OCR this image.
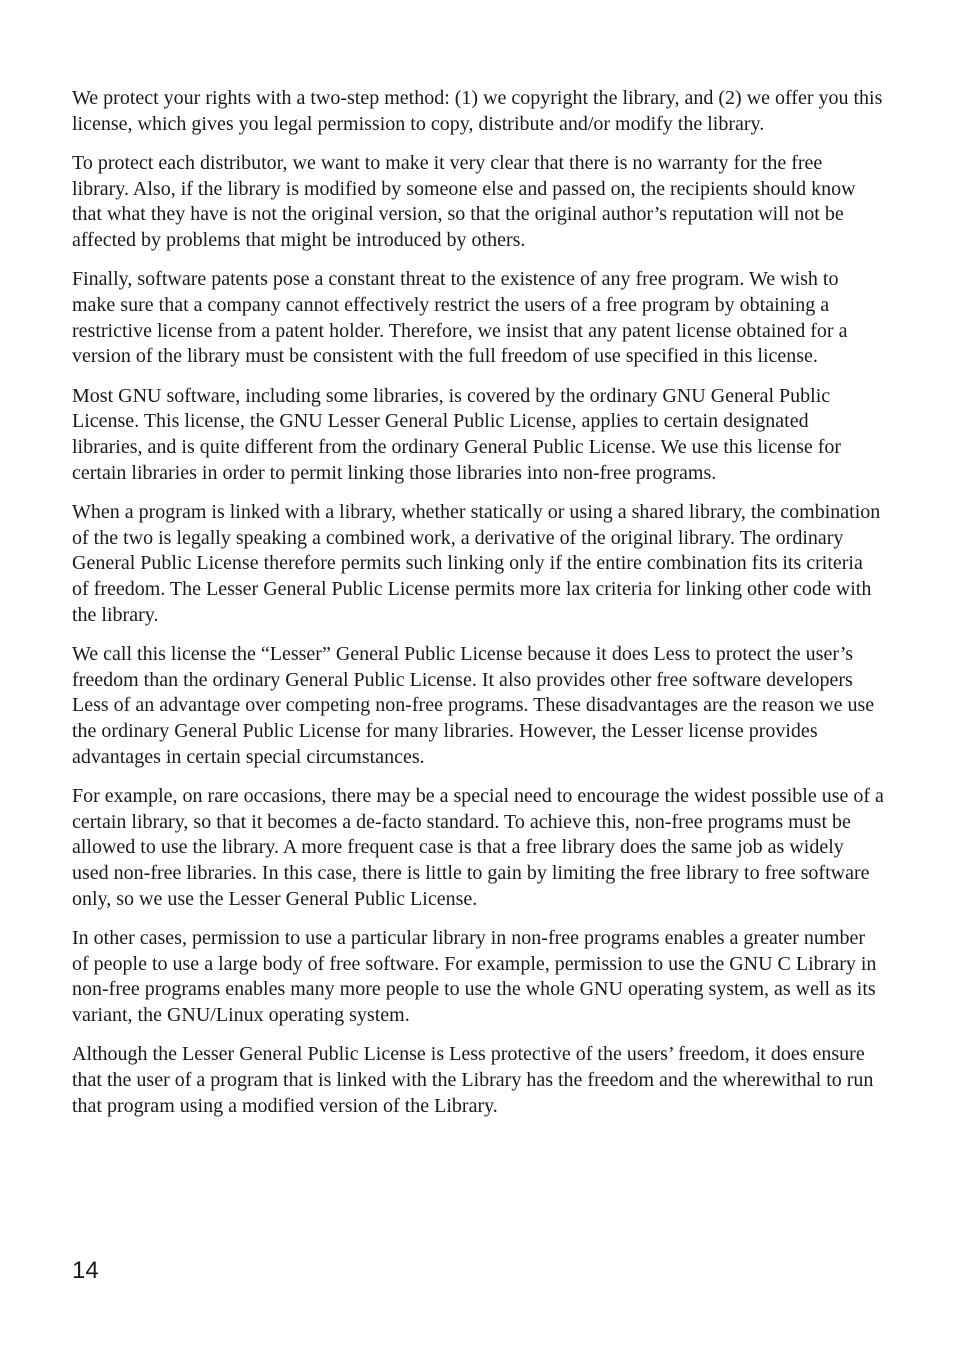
We protect your rights with a two-step method: (1) we copyright the library, and (2) we offer you this license, which gives you legal permission to copy, distribute and/or modify the library.

To protect each distributor, we want to make it very clear that there is no warranty for the free library. Also, if the library is modified by someone else and passed on, the recipients should know that what they have is not the original version, so that the original author’s reputation will not be affected by problems that might be introduced by others.

Finally, software patents pose a constant threat to the existence of any free program. We wish to make sure that a company cannot effectively restrict the users of a free program by obtaining a restrictive license from a patent holder. Therefore, we insist that any patent license obtained for a version of the library must be consistent with the full freedom of use specified in this license.

Most GNU software, including some libraries, is covered by the ordinary GNU General Public License. This license, the GNU Lesser General Public License, applies to certain designated libraries, and is quite different from the ordinary General Public License. We use this license for certain libraries in order to permit linking those libraries into non-free programs.

When a program is linked with a library, whether statically or using a shared library, the combination of the two is legally speaking a combined work, a derivative of the original library. The ordinary General Public License therefore permits such linking only if the entire combination fits its criteria of freedom. The Lesser General Public License permits more lax criteria for linking other code with the library.

We call this license the “Lesser” General Public License because it does Less to protect the user’s freedom than the ordinary General Public License. It also provides other free software developers Less of an advantage over competing non-free programs. These disadvantages are the reason we use the ordinary General Public License for many libraries. However, the Lesser license provides advantages in certain special circumstances.

For example, on rare occasions, there may be a special need to encourage the widest possible use of a certain library, so that it becomes a de-facto standard. To achieve this, non-free programs must be allowed to use the library. A more frequent case is that a free library does the same job as widely used non-free libraries. In this case, there is little to gain by limiting the free library to free software only, so we use the Lesser General Public License.

In other cases, permission to use a particular library in non-free programs enables a greater number of people to use a large body of free software. For example, permission to use the GNU C Library in non-free programs enables many more people to use the whole GNU operating system, as well as its variant, the GNU/Linux operating system.

Although the Lesser General Public License is Less protective of the users’ freedom, it does ensure that the user of a program that is linked with the Library has the freedom and the wherewithal to run that program using a modified version of the Library.

14
